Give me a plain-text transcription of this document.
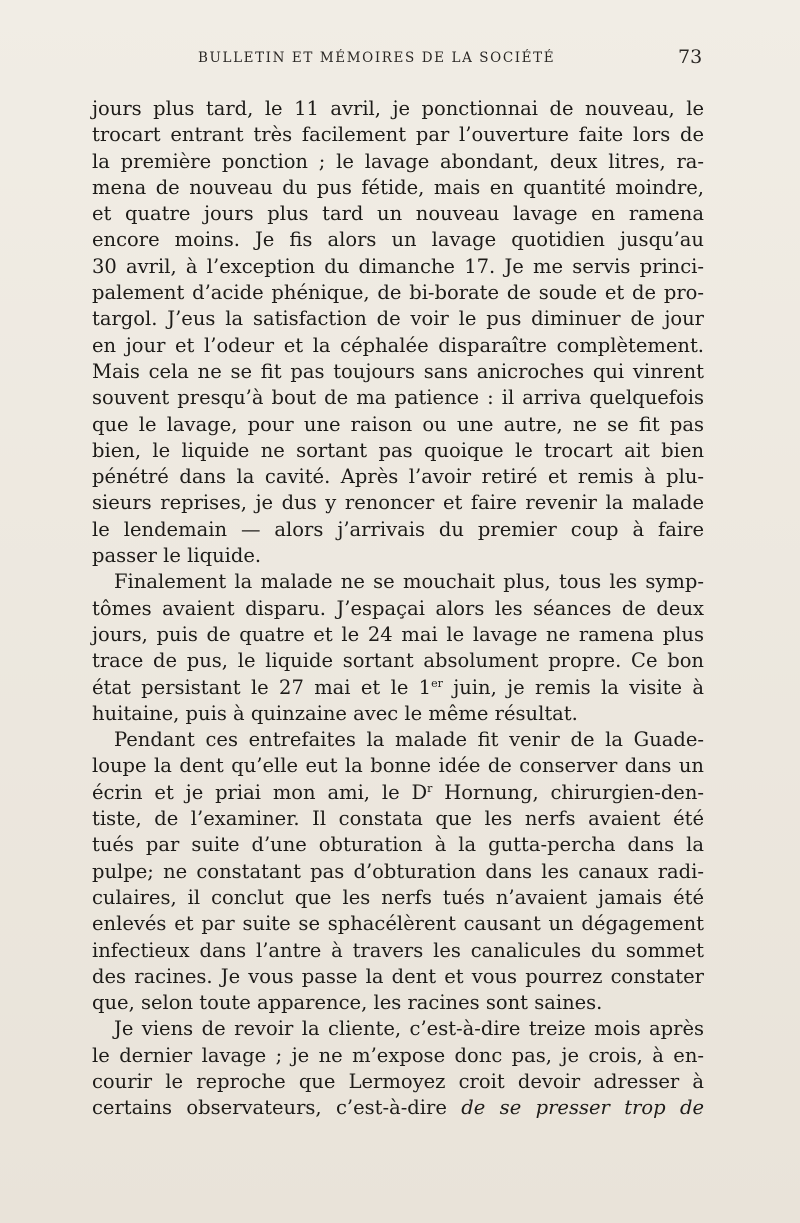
BULLETIN ET MÉMOIRES DE LA SOCIÉTÉ	73
jours plus tard, le 11 avril, je ponctionnai de nouveau, le
trocart entrant très facilement par l’ouverture faite lors de
la première ponction ; le lavage abondant, deux litres, ra-
mena de nouveau du pus fétide, mais en quantité moindre,
et quatre jours plus tard un nouveau lavage en ramena
encore moins. Je fis alors un lavage quotidien jusqu’au
30 avril, à l’exception du dimanche 17. Je me servis princi-
palement d’acide phénique, de bi-borate de soude et de pro-
targol. J’eus la satisfaction de voir le pus diminuer de jour
en jour et l’odeur et la céphalée disparaître complètement.
Mais cela ne se fit pas toujours sans anicroches qui vinrent
souvent presqu’à bout de ma patience : il arriva quelquefois
que le lavage, pour une raison ou une autre, ne se fit pas
bien, le liquide ne sortant pas quoique le trocart ait bien
pénétré dans la cavité. Après l’avoir retiré et remis à plu-
sieurs reprises, je dus y renoncer et faire revenir la malade
le lendemain — alors j’arrivais du premier coup à faire
passer le liquide.
Finalement la malade ne se mouchait plus, tous les symp-
tômes avaient disparu. J’espaçai alors les séances de deux
jours, puis de quatre et le 24 mai le lavage ne ramena plus
trace de pus, le liquide sortant absolument propre. Ce bon
état persistant le 27 mai et le 1er juin, je remis la visite à
huitaine, puis à quinzaine avec le même résultat.
Pendant ces entrefaites la malade fit venir de la Guade-
loupe la dent qu’elle eut la bonne idée de conserver dans un
écrin et je priai mon ami, le $D^r$ Hornung, chirurgien-den-
tiste, de l’examiner. Il constata que les nerfs avaient été
tués par suite d’une obturation à la gutta-percha dans la
pulpe; ne constatant pas d’obturation dans les canaux radi-
culaires, il conclut que les nerfs tués n’avaient jamais été
enlevés et par suite se sphacélèrent causant un dégagement
infectieux dans l’antre à travers les canalicules du sommet
des racines. Je vous passe la dent et vous pourrez constater
que, selon toute apparence, les racines sont saines.
Je viens de revoir la cliente, c’est-à-dire treize mois après
le dernier lavage ; je ne m’expose donc pas, je crois, à en-
courir le reproche que Lermoyez croit devoir adresser à
certains observateurs, c’est-à-dire de se presser trop de
